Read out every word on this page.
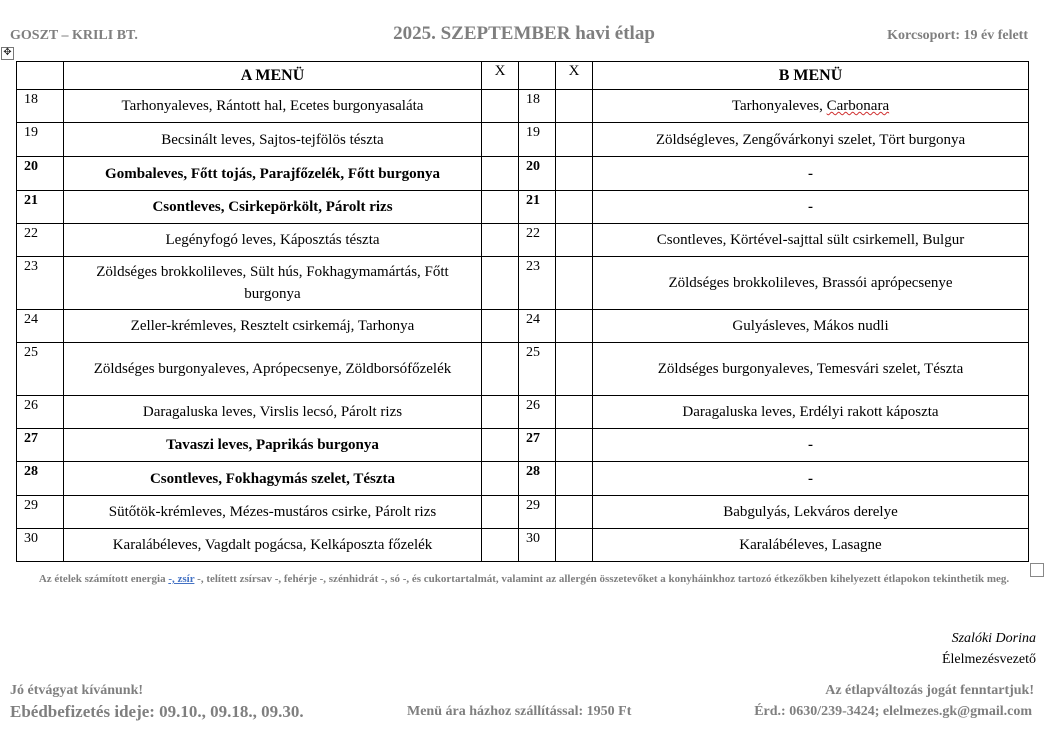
GOSZT – KRILI BT.	2025. SZEPTEMBER havi étlap	Korcsoport: 19 év felett
✥
	A MENÜ	X		X	B MENÜ
18	Tarhonyaleves, Rántott hal, Ecetes burgonyasaláta		18		Tarhonyaleves, Carbonara
19	Becsinált leves, Sajtos-tejfölös tészta		19		Zöldségleves, Zengővárkonyi szelet, Tört burgonya
20	Gombaleves, Főtt tojás, Parajfőzelék, Főtt burgonya		20		-
21	Csontleves, Csirkepörkölt, Párolt rizs		21		-
22	Legényfogó leves, Káposztás tészta		22		Csontleves, Körtével-sajttal sült csirkemell, Bulgur
23	Zöldséges brokkolileves, Sült hús, Fokhagymamártás, Főtt burgonya		23		Zöldséges brokkolileves, Brassói aprópecsenye
24	Zeller-krémleves, Resztelt csirkemáj, Tarhonya		24		Gulyásleves, Mákos nudli
25	Zöldséges burgonyaleves, Aprópecsenye, Zöldborsófőzelék		25		Zöldséges burgonyaleves, Temesvári szelet, Tészta
26	Daragaluska leves, Virslis lecsó, Párolt rizs		26		Daragaluska leves, Erdélyi rakott káposzta
27	Tavaszi leves, Paprikás burgonya		27		-
28	Csontleves, Fokhagymás szelet, Tészta		28		-
29	Sütőtök-krémleves, Mézes-mustáros csirke, Párolt rizs		29		Babgulyás, Lekváros derelye
30	Karalábéleves, Vagdalt pogácsa, Kelkáposzta főzelék		30		Karalábéleves, Lasagne
Az ételek számított energia -, zsír -, telített zsírsav -, fehérje -, szénhidrát -, só -, és cukortartalmát, valamint az allergén összetevőket a konyháinkhoz tartozó étkezőkben kihelyezett étlapokon tekinthetik meg.
Szalóki Dorina
Élelmezésvezető
Jó étvágyat kívánunk!	Az étlapváltozás jogát fenntartjuk!
Ebédbefizetés ideje: 09.10., 09.18., 09.30.	Menü ára házhoz szállítással: 1950 Ft	Érd.: 0630/239-3424; elelmezes.gk@gmail.com
